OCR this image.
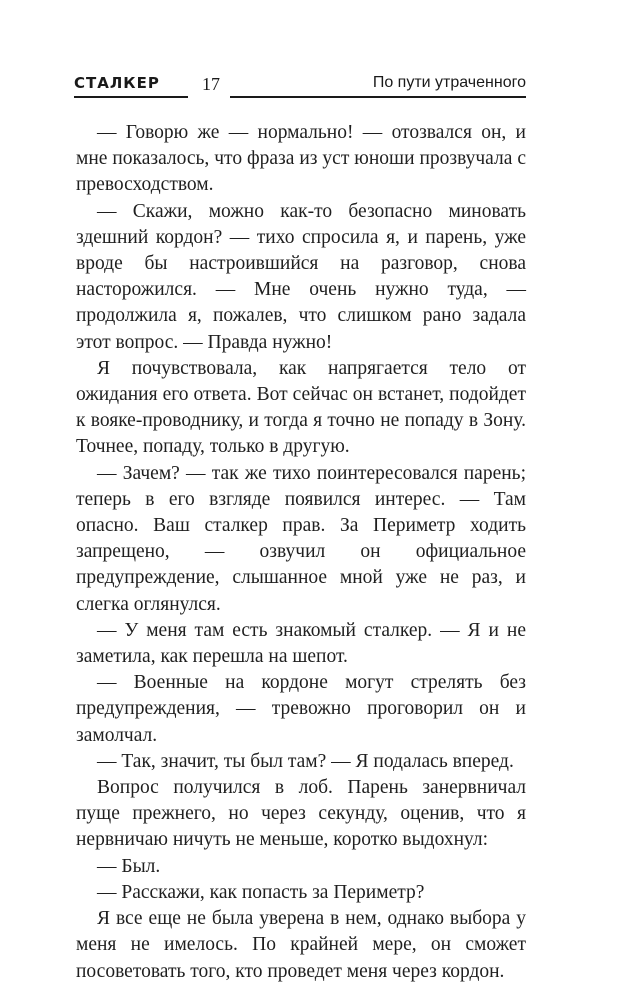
СТАЛКЕР 17	По пути утраченного

— Говорю же — нормально! — отозвался он, и мне показалось, что фраза из уст юноши прозвучала с превосходством.

— Скажи, можно как-то безопасно миновать здешний кордон? — тихо спросила я, и парень, уже вроде бы настроившийся на разговор, снова насторожился. — Мне очень нужно туда, — продолжила я, пожалев, что слишком рано задала этот вопрос. — Правда нужно!

Я почувствовала, как напрягается тело от ожидания его ответа. Вот сейчас он встанет, подойдет к вояке-проводнику, и тогда я точно не попаду в Зону. Точнее, попаду, только в другую.

— Зачем? — так же тихо поинтересовался парень; теперь в его взгляде появился интерес. — Там опасно. Ваш сталкер прав. За Периметр ходить запрещено, — озвучил он официальное предупреждение, слышанное мной уже не раз, и слегка оглянулся.

— У меня там есть знакомый сталкер. — Я и не заметила, как перешла на шепот.

— Военные на кордоне могут стрелять без предупреждения, — тревожно проговорил он и замолчал.

— Так, значит, ты был там? — Я подалась вперед.

Вопрос получился в лоб. Парень занервничал пуще прежнего, но через секунду, оценив, что я нервничаю ничуть не меньше, коротко выдохнул:

— Был.

— Расскажи, как попасть за Периметр?

Я все еще не была уверена в нем, однако выбора у меня не имелось. По крайней мере, он сможет посоветовать того, кто проведет меня через кордон.
